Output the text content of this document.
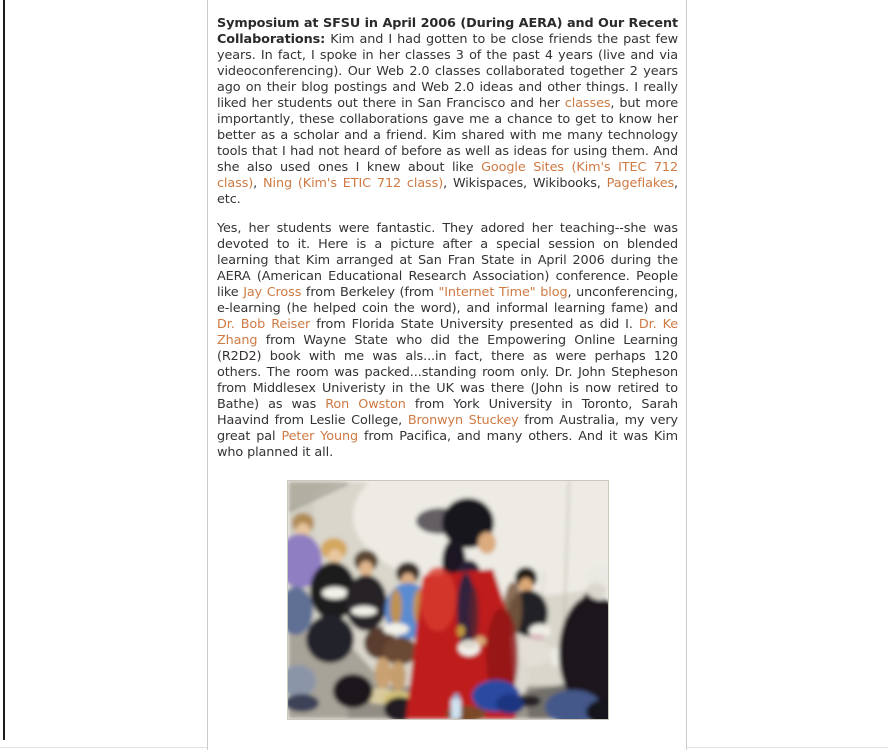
Symposium at SFSU in April 2006 (During AERA) and Our Recent Collaborations: Kim and I had gotten to be close friends the past few years. In fact, I spoke in her classes 3 of the past 4 years (live and via videoconferencing). Our Web 2.0 classes collaborated together 2 years ago on their blog postings and Web 2.0 ideas and other things. I really liked her students out there in San Francisco and her classes, but more importantly, these collaborations gave me a chance to get to know her better as a scholar and a friend. Kim shared with me many technology tools that I had not heard of before as well as ideas for using them. And she also used ones I knew about like Google Sites (Kim's ITEC 712 class), Ning (Kim's ETIC 712 class), Wikispaces, Wikibooks, Pageflakes, etc.

Yes, her students were fantastic. They adored her teaching--she was devoted to it. Here is a picture after a special session on blended learning that Kim arranged at San Fran State in April 2006 during the AERA (American Educational Research Association) conference. People like Jay Cross from Berkeley (from "Internet Time" blog, unconferencing, e-learning (he helped coin the word), and informal learning fame) and Dr. Bob Reiser from Florida State University presented as did I. Dr. Ke Zhang from Wayne State who did the Empowering Online Learning (R2D2) book with me was als...in fact, there as were perhaps 120 others. The room was packed...standing room only. Dr. John Stepheson from Middlesex Univeristy in the UK was there (John is now retired to Bathe) as was Ron Owston from York University in Toronto, Sarah Haavind from Leslie College, Bronwyn Stuckey from Australia, my very great pal Peter Young from Pacifica, and many others. And it was Kim who planned it all.
